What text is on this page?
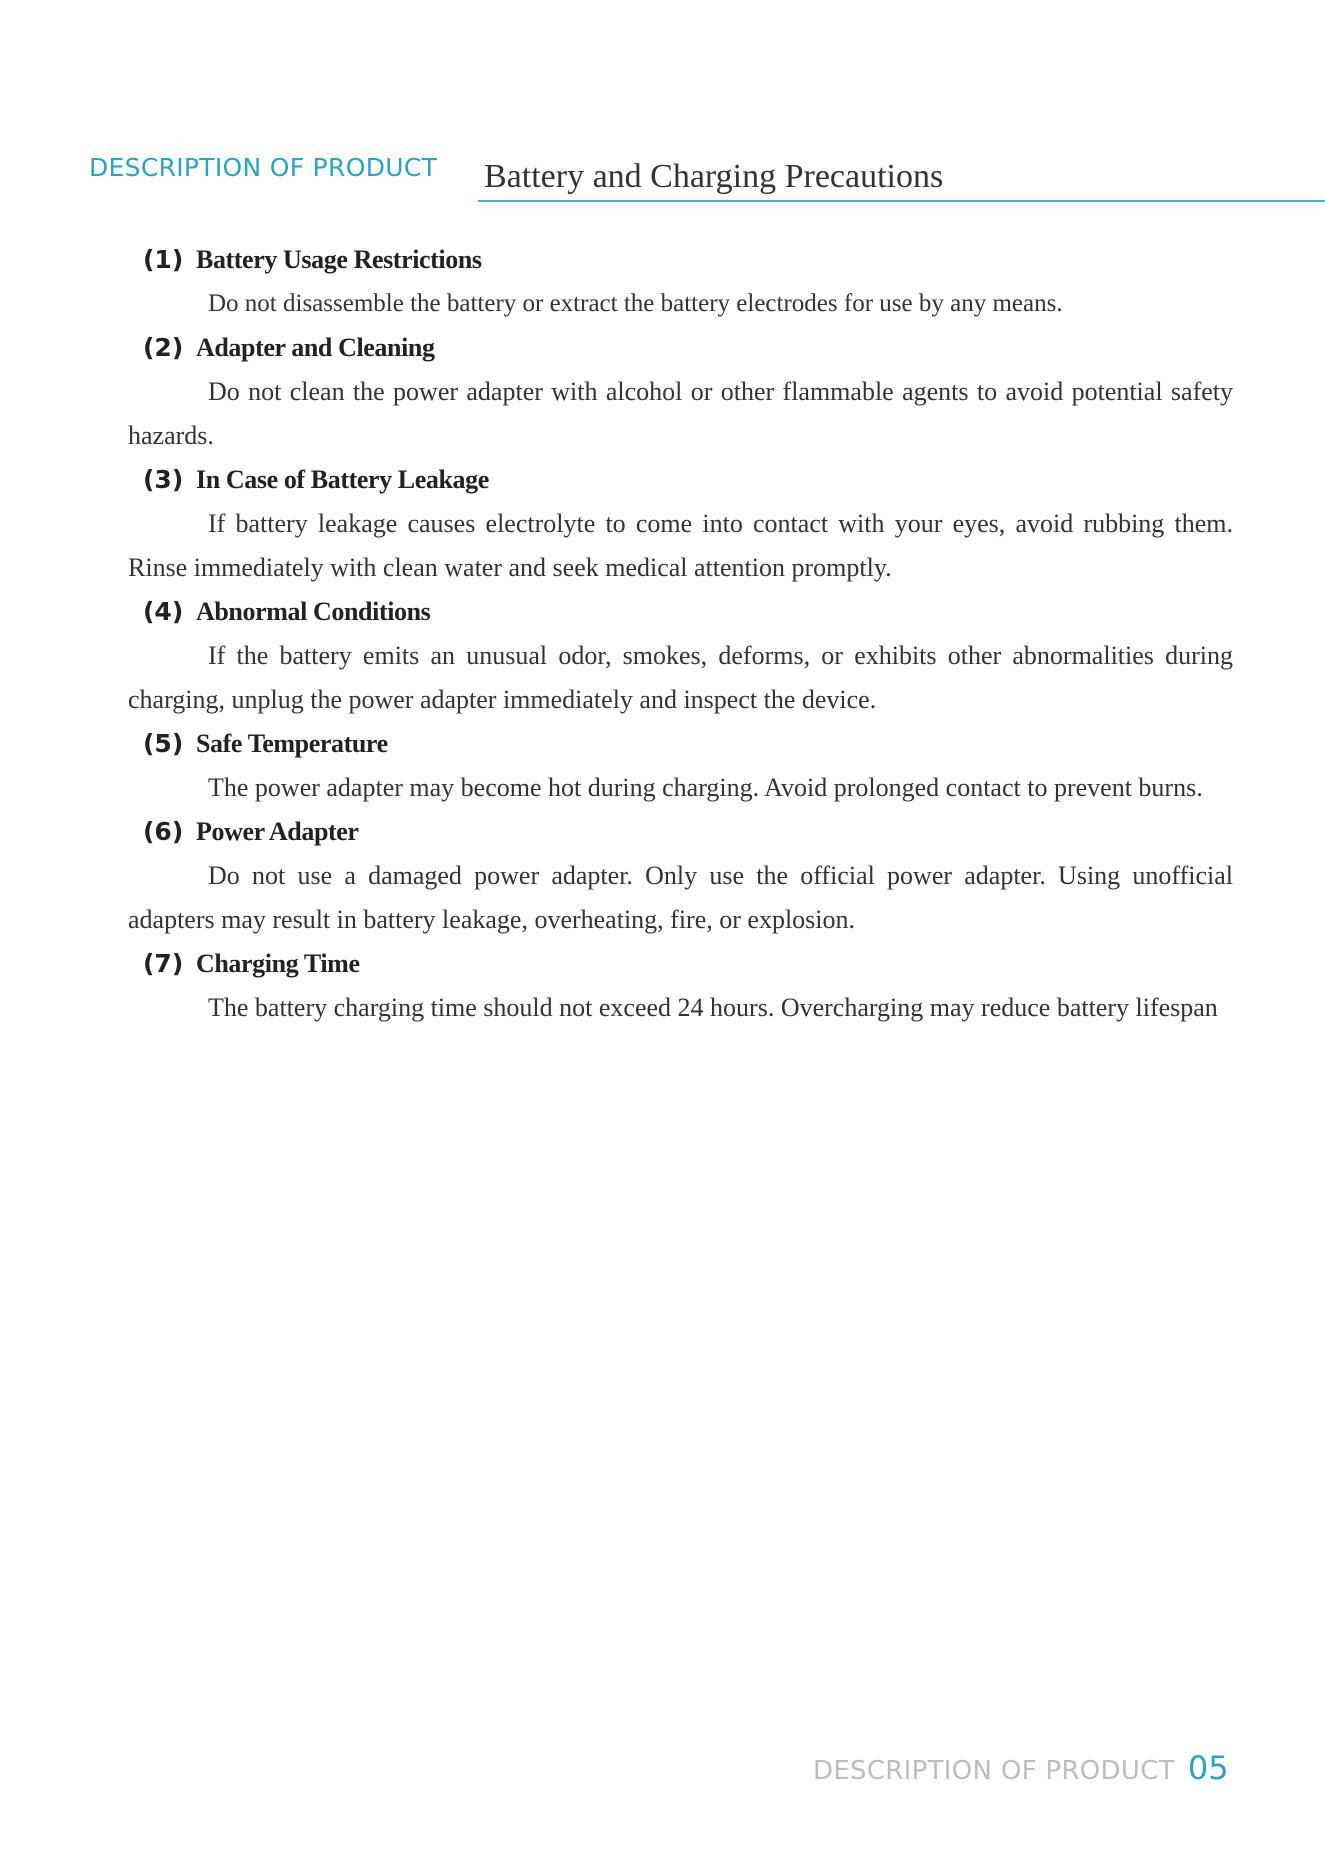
DESCRIPTION OF PRODUCT Battery and Charging Precautions
(1) Battery Usage Restrictions

Do not disassemble the battery or extract the battery electrodes for use by any means.

(2) Adapter and Cleaning

Do not clean the power adapter with alcohol or other flammable agents to avoid potential safety hazards.

(3) In Case of Battery Leakage

If battery leakage causes electrolyte to come into contact with your eyes, avoid rubbing them. Rinse immediately with clean water and seek medical attention promptly.

(4) Abnormal Conditions

If the battery emits an unusual odor, smokes, deforms, or exhibits other abnormalities during charging, unplug the power adapter immediately and inspect the device.

(5) Safe Temperature

The power adapter may become hot during charging. Avoid prolonged contact to prevent burns.

(6) Power Adapter

Do not use a damaged power adapter. Only use the official power adapter. Using unofficial adapters may result in battery leakage, overheating, fire, or explosion.

(7) Charging Time

The battery charging time should not exceed 24 hours. Overcharging may reduce battery lifespan

DESCRIPTION OF PRODUCT 05
